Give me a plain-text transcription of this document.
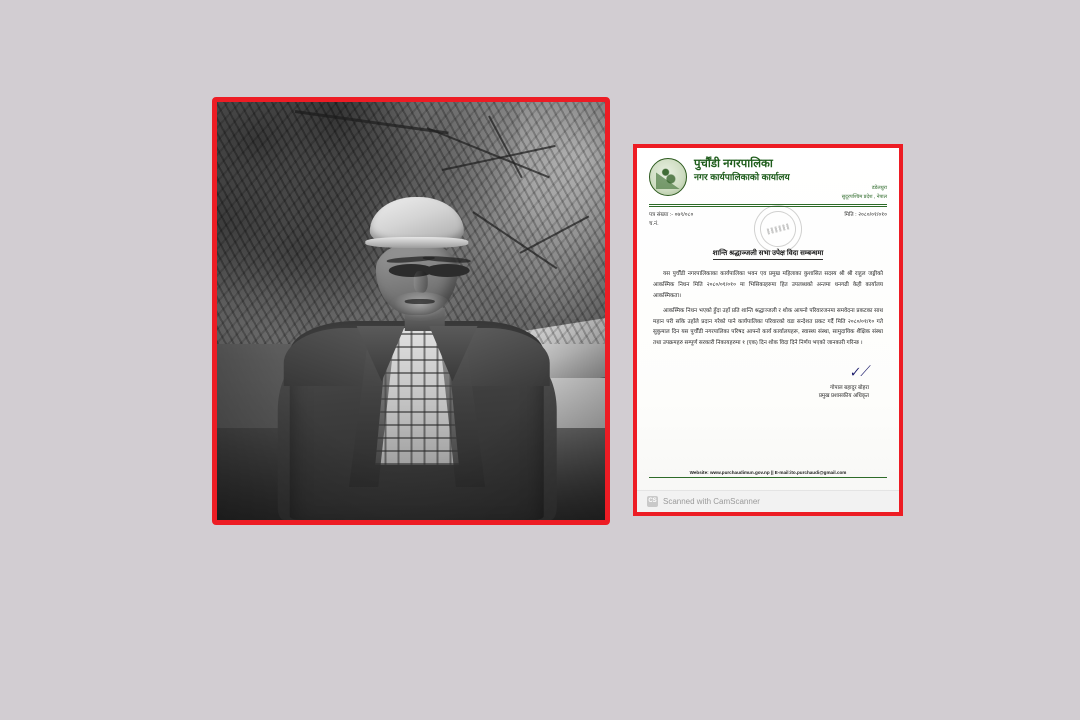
पुर्चौंडी नगरपालिका
नगर कार्यपालिकाको कार्यालय
डडेलधुरा
सुदूरपश्चिम प्रदेश , नेपाल
पत्र संख्या :- ०७९/०८०
च.नं.
मिति : २०८०/०१/०१०
शान्ति श्रद्धाञ्जली सभा उपेक्ष विदा सम्बन्धमा

यस पुर्चौंडी नगरपालिकाका कार्यपालिका भवन एव प्रमुख महिलाका कुशासित सदस्य श्री श्री राहुल जङ्गीको आकस्मिक निधन मिति २०८०/०१/०१० मा भिसिकाहरुमा हित उपलब्धको अन्तमा धनगढी केही कार्यालय आकस्मिकता।

आकस्मिक निधन भएको हुँदा उहाँ प्रति शान्ति श्रद्धाञ्जली र शोक आफ्नो परिवारजनमा समवेदना प्रकटका साथ महान परी सकि उहाँले प्रदान गरेको पाने कार्यपालिका परिवारको वडा सन्देशत प्रकट गर्दै मिति २०८०/०१/१० गते सुकुमाल दिन यस पुर्चौंडी नगरपालिका परिषद आफ्नो कार्य कार्यालयहरू, स्वास्थ्य संस्था, सामुदायिक शैक्षिक संस्था तथा उपक्रमहरु सम्पूर्ण सरकारी निकायहरुमा १ (एक) दिन शोक विदा दिने निर्णय भएको जानकारी गरिन्छ ।

✓⟋
गोपाल बहादुर बोहरा
प्रमुख प्रशासकीय अधिकृत
Website: www.purchaudimun.gov.np || E-mail:ito.purchaudi@gmail.com
CS Scanned with CamScanner
